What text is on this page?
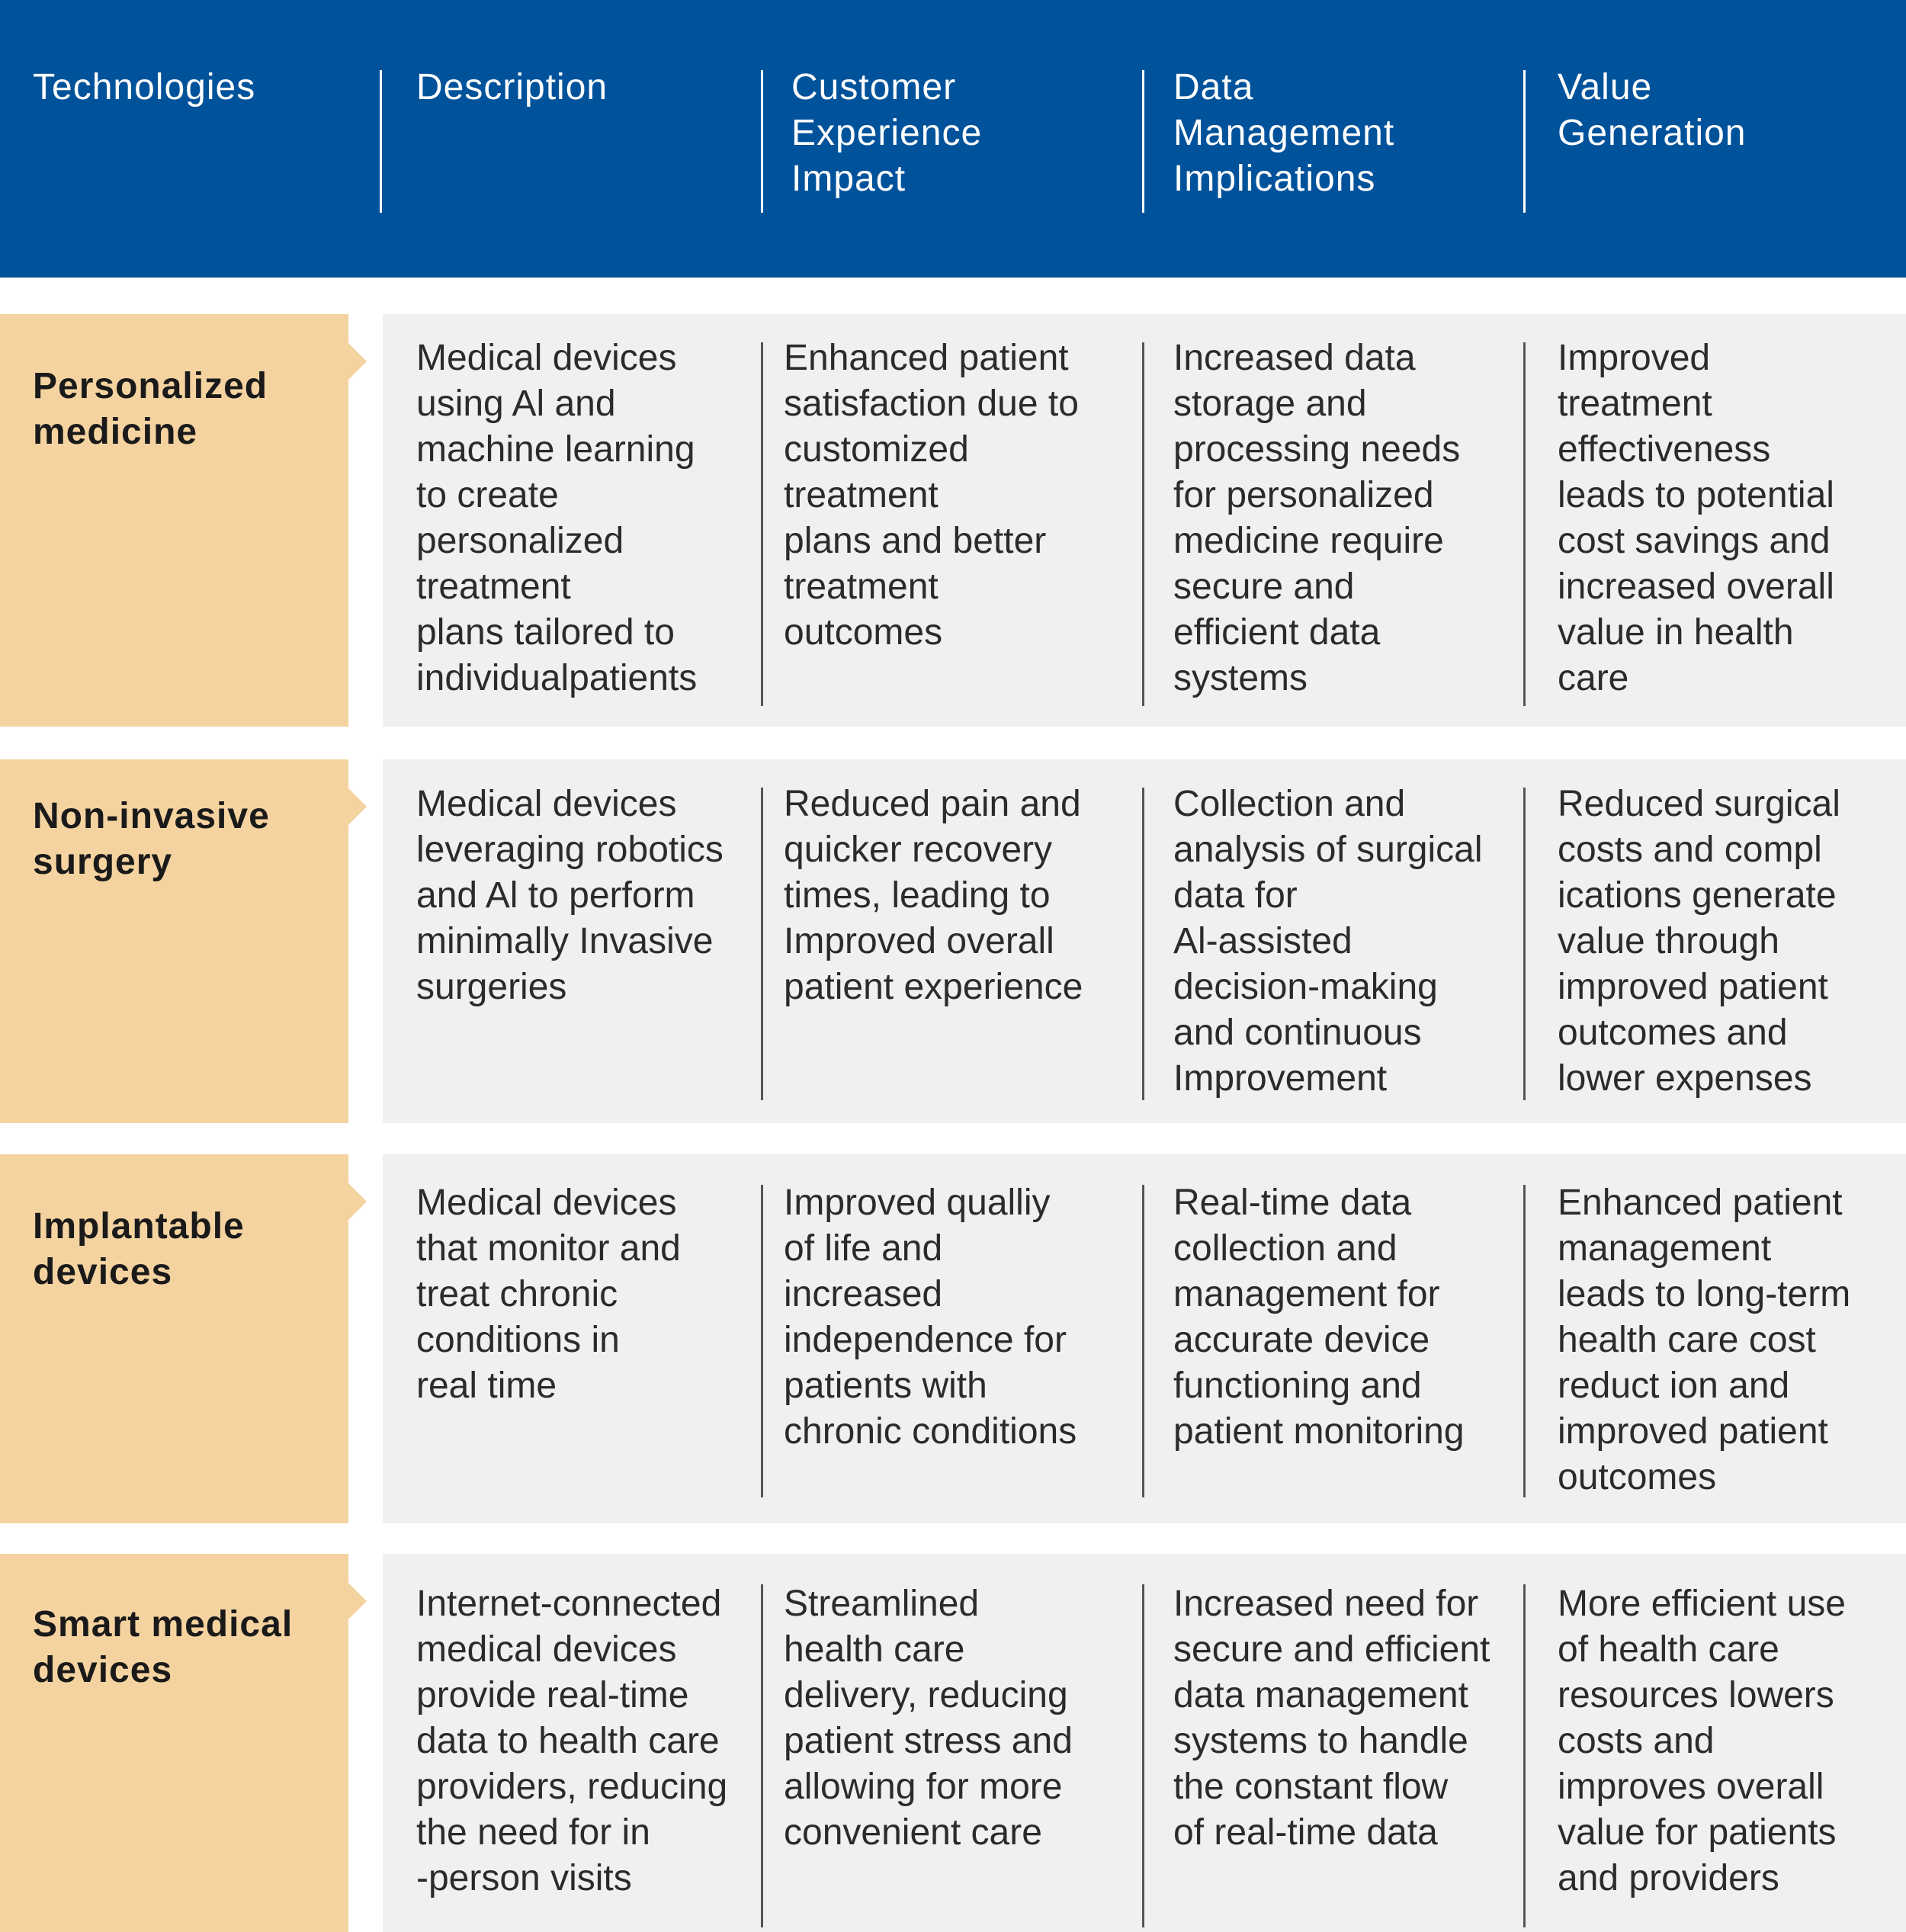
Technologies	Description	Customer
Experience
Impact
Data
Management
Implications
Value
Generation
Personalized
medicine
Medical devices
using Al and
machine learning
to create
personalized
treatment
plans tailored to
individualpatients
Enhanced patient
satisfaction due to
customized
treatment
plans and better
treatment
outcomes
Increased data
storage and
processing needs
for personalized
medicine require
secure and
efficient data
systems
Improved
treatment
effectiveness
leads to potential
cost savings and
increased overall
value in health
care
Non-invasive
surgery
Medical devices
leveraging robotics
and Al to perform
minimally Invasive
surgeries
Reduced pain and
quicker recovery
times, leading to
Improved overall
patient experience
Collection and
analysis of surgical
data for
Al-assisted
decision-making
and continuous
Improvement
Reduced surgical
costs and compl
ications generate
value through
improved patient
outcomes and
lower expenses
Implantable
devices
Medical devices
that monitor and
treat chronic
conditions in
real time
Improved qualliy
of life and
increased
independence for
patients with
chronic conditions
Real-time data
collection and
management for
accurate device
functioning and
patient monitoring
Enhanced patient
management
leads to long-term
health care cost
reduct ion and
improved patient
outcomes
Smart medical
devices
Internet-connected
medical devices
provide real-time
data to health care
providers, reducing
the need for in
-person visits
Streamlined
health care
delivery, reducing
patient stress and
allowing for more
convenient care
Increased need for
secure and efficient
data management
systems to handle
the constant flow
of real-time data
More efficient use
of health care
resources lowers
costs and
improves overall
value for patients
and providers
